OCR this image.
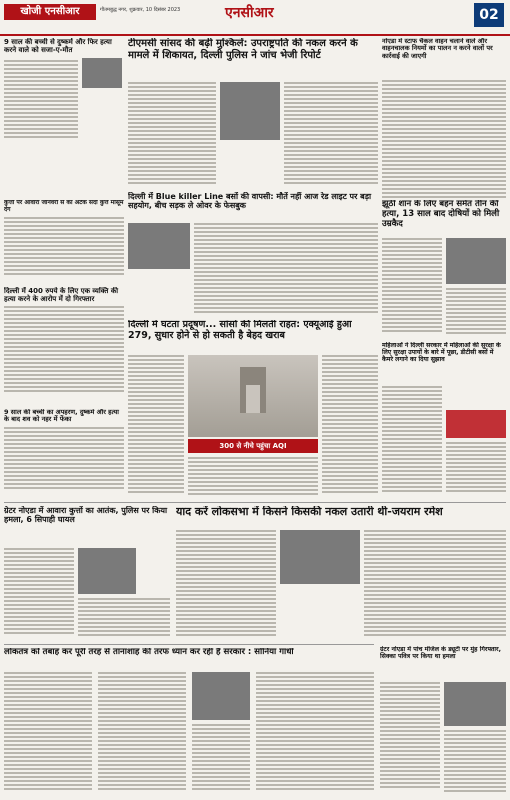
खोजी एनसीआर	गौतमबुद्ध नगर, शुक्रवार, 10 दिसंबर 2023	एनसीआर	02
9 साल की बच्ची से दुष्कर्म और फिर हत्या करने वाले को सजा-ए-मौत
कुत्तों पर आवारा जानवरों से का अटैक सदा कुत्ते मासूम दंग
दिल्ली में 400 रुपये के लिए एक व्यक्ति की हत्या करने के आरोप में दो गिरफ्तार
9 साल की बच्ची का अपहरण, दुष्कर्म और हत्या के बाद शव को नहर में फेंका
टीएमसी सांसद की बढ़ी मुश्किलें: उपराष्ट्रपति की नकल करने के मामले में शिकायत, दिल्ली पुलिस ने जांच भेजी रिपोर्ट
दिल्ली में Blue killer Line बसों की वापसी: मौतें नहीं आज रेड लाइट पर बड़ा सहयोग, बीच सड़क ले ओवर के फेसबुक
दिल्ली में घटता प्रदूषण... सांसों की मिलती राहत: एक्यूआई हुआ 279, सुधार होने से हो सकती है बेहद खराब
300 से नीचे पहुंचा AQI
नोएडा में स्टाफ चैकल वाहन चलाने वाले और वाहनचालक नियमों का पालन न करने वालों पर कार्रवाई की जाएगी
झूठी शान के लिए बहन समेत तीन की हत्या, 13 साल बाद दोषियों को मिली उम्रकैद
महिलाओं ने दिल्ली सरकार में महिलाओं की सुरक्षा के लिए सुरक्षा उपायों के बारे में पूछा, डीटीसी बसों में कैमरे लगाने का दिया सुझाव
ग्रेटर नोएडा में आवारा कुत्तों का आतंक, पुलिस पर किया हमला, 6 सिपाही घायल
याद करें लोकसभा में किसने किसकी नकल उतारी थी-जयराम रमेश
लोकतंत्र को तबाह कर पूरी तरह से तानाशाह की तरफ ध्यान कर रही है सरकार : सोनिया गांधी	ग्रेटर नोएडा में पांच मंजिल के ड्यूटी पर मुंह गिरफ्तार, सिक्का पवित्र पर किया था हमला
